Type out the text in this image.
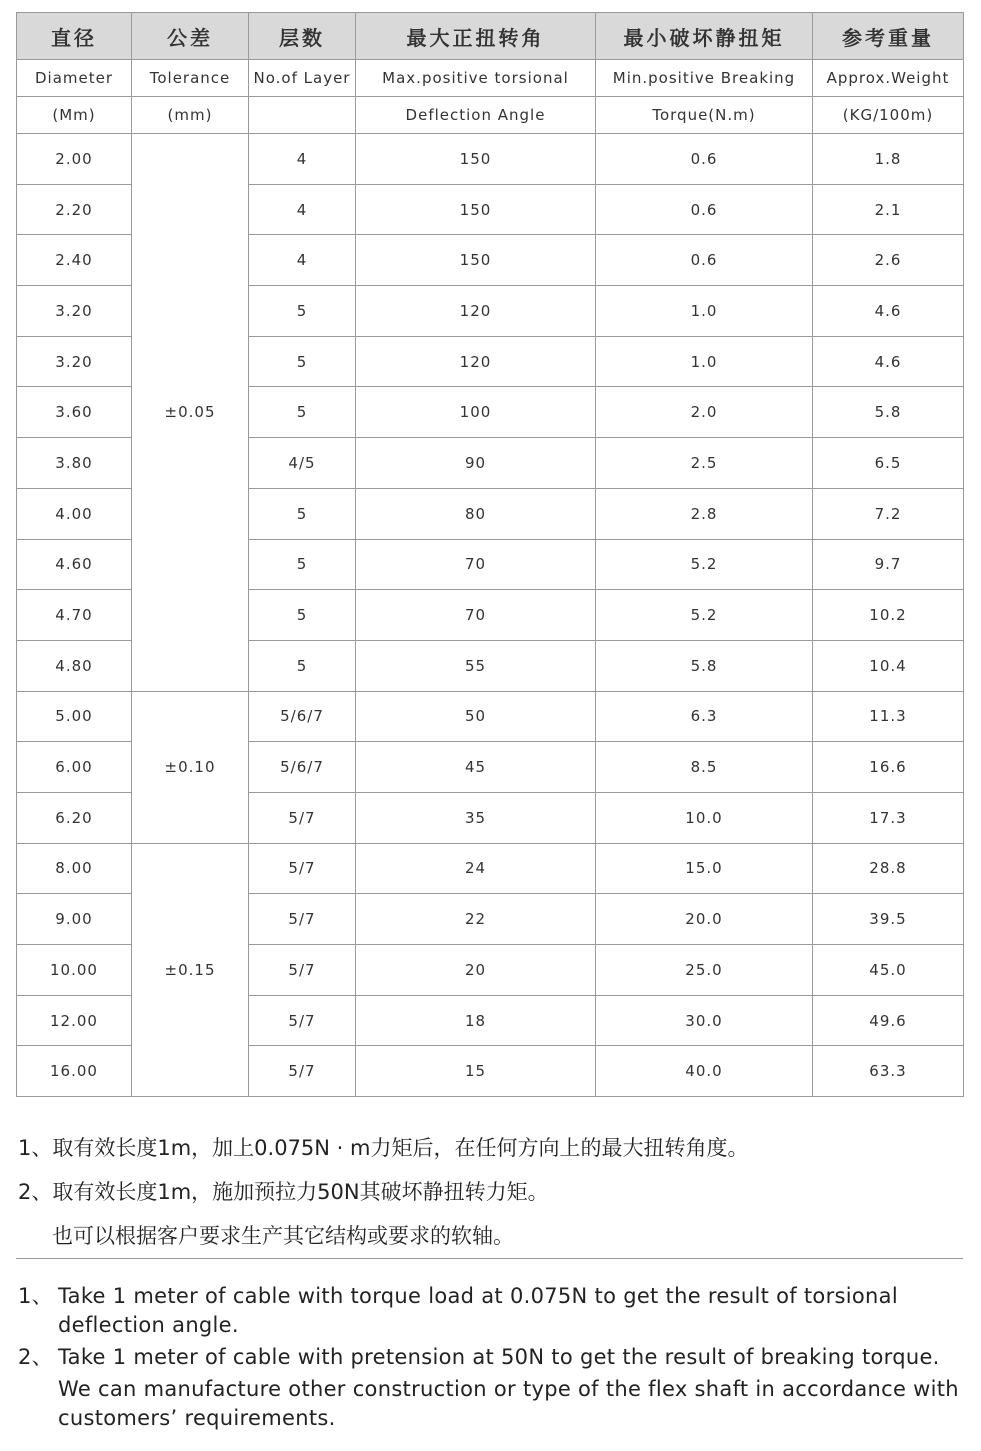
直径	公差	层数	最大正扭转角	最小破坏静扭矩	参考重量
Diameter	Tolerance	No.of Layer	Max.positive torsional	Min.positive Breaking	Approx.Weight
(Mm)	(mm)		Deflection Angle	Torque(N.m)	(KG/100m)
2.00	±0.05	4	150	0.6	1.8
2.20		4	150	0.6	2.1
2.40		4	150	0.6	2.6
3.20		5	120	1.0	4.6
3.20		5	120	1.0	4.6
3.60		5	100	2.0	5.8
3.80		4/5	90	2.5	6.5
4.00		5	80	2.8	7.2
4.60		5	70	5.2	9.7
4.70		5	70	5.2	10.2
4.80		5	55	5.8	10.4
5.00	±0.10	5/6/7	50	6.3	11.3
6.00		5/6/7	45	8.5	16.6
6.20		5/7	35	10.0	17.3
8.00	±0.15	5/7	24	15.0	28.8
9.00		5/7	22	20.0	39.5
10.00		5/7	20	25.0	45.0
12.00		5/7	18	30.0	49.6
16.00		5/7	15	40.0	63.3
1、取有效长度1m，加上0.075N · m力矩后，在任何方向上的最大扭转角度。
2、取有效长度1m，施加预拉力50N其破坏静扭转力矩。
也可以根据客户要求生产其它结构或要求的软轴。
1、 Take 1 meter of cable with torque load at 0.075N to get the result of torsional deflection angle.
2、 Take 1 meter of cable with pretension at 50N to get the result of breaking torque.
We can manufacture other construction or type of the flex shaft in accordance with customers’ requirements.
